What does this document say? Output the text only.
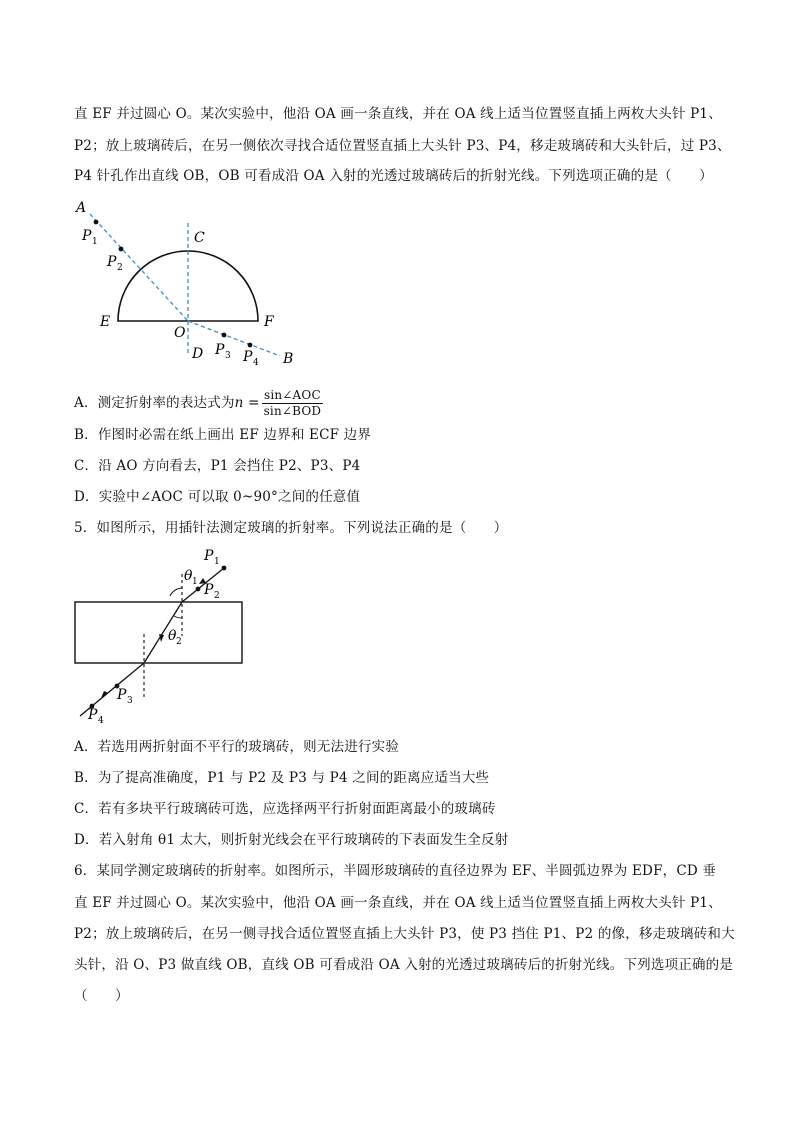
直 EF 并过圆心 O。某次实验中，他沿 OA 画一条直线，并在 OA 线上适当位置竖直插上两枚大头针 P1、
P2；放上玻璃砖后，在另一侧依次寻找合适位置竖直插上大头针 P3、P4，移走玻璃砖和大头针后，过 P3、
P4 针孔作出直线 OB，OB 可看成沿 OA 入射的光透过玻璃砖后的折射光线。下列选项正确的是（　　）
A
P 1
P 2
C
E	F
O
D P 3 P 4 B
A．测定折射率的表达式为$n = \frac{\text{sin∠AOC}}{\text{sin∠BOD}}$
B．作图时必需在纸上画出 EF 边界和 ECF 边界
C．沿 AO 方向看去，P1 会挡住 P2、P3、P4
D．实验中∠AOC 可以取 0~90°之间的任意值
5．如图所示，用插针法测定玻璃的折射率。下列说法正确的是（　　）
P 1
P 2
θ 1
θ 2
P 3
P 4
A．若选用两折射面不平行的玻璃砖，则无法进行实验
B．为了提高准确度，P1 与 P2 及 P3 与 P4 之间的距离应适当大些
C．若有多块平行玻璃砖可选，应选择两平行折射面距离最小的玻璃砖
D．若入射角 θ1 太大，则折射光线会在平行玻璃砖的下表面发生全反射
6．某同学测定玻璃砖的折射率。如图所示，半圆形玻璃砖的直径边界为 EF、半圆弧边界为 EDF，CD 垂
直 EF 并过圆心 O。某次实验中，他沿 OA 画一条直线，并在 OA 线上适当位置竖直插上两枚大头针 P1、
P2；放上玻璃砖后，在另一侧寻找合适位置竖直插上大头针 P3，使 P3 挡住 P1、P2 的像，移走玻璃砖和大
头针，沿 O、P3 做直线 OB，直线 OB 可看成沿 OA 入射的光透过玻璃砖后的折射光线。下列选项正确的是
（　　）
